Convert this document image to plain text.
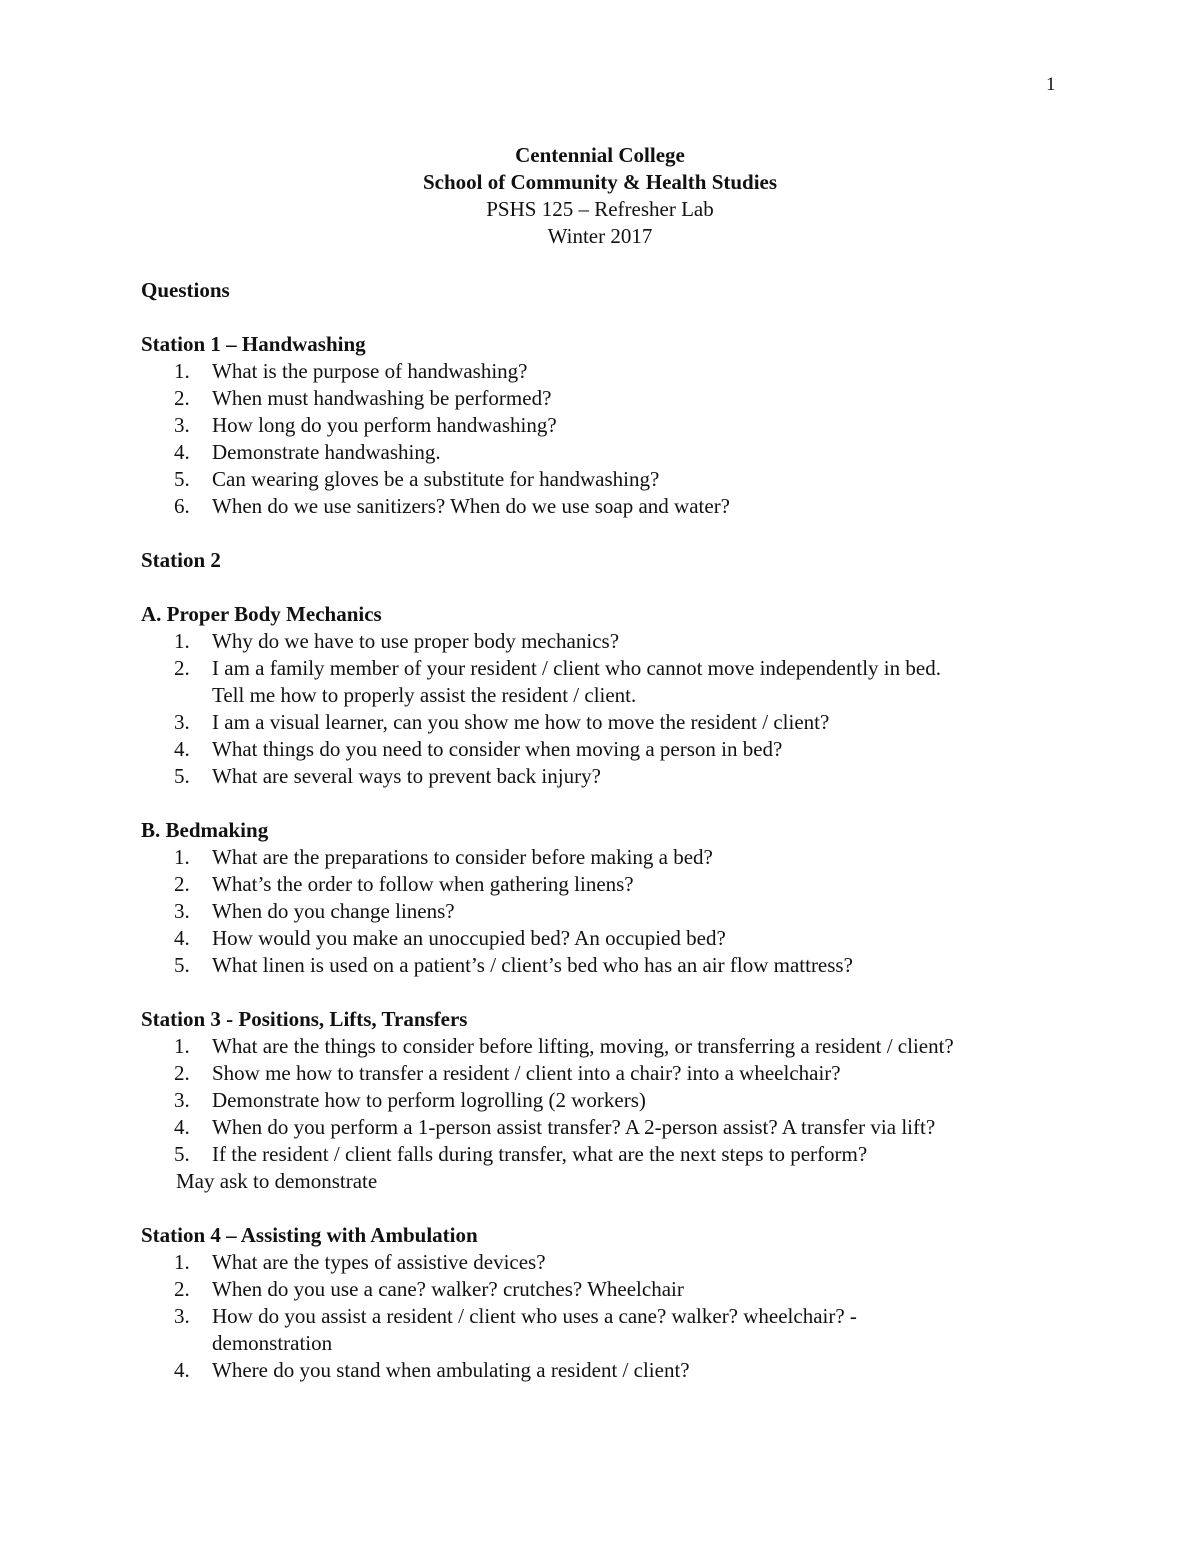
1
Centennial College
School of Community & Health Studies
PSHS 125 – Refresher Lab
Winter 2017
Questions
Station 1 – Handwashing
1. What is the purpose of handwashing?
2. When must handwashing be performed?
3. How long do you perform handwashing?
4. Demonstrate handwashing.
5. Can wearing gloves be a substitute for handwashing?
6. When do we use sanitizers? When do we use soap and water?
Station 2
A. Proper Body Mechanics
1. Why do we have to use proper body mechanics?
2. I am a family member of your resident / client who cannot move independently in bed.
Tell me how to properly assist the resident / client.
3. I am a visual learner, can you show me how to move the resident / client?
4. What things do you need to consider when moving a person in bed?
5. What are several ways to prevent back injury?
B. Bedmaking
1. What are the preparations to consider before making a bed?
2. What’s the order to follow when gathering linens?
3. When do you change linens?
4. How would you make an unoccupied bed? An occupied bed?
5. What linen is used on a patient’s / client’s bed who has an air flow mattress?
Station 3 - Positions, Lifts, Transfers
1. What are the things to consider before lifting, moving, or transferring a resident / client?
2. Show me how to transfer a resident / client into a chair? into a wheelchair?
3. Demonstrate how to perform logrolling (2 workers)
4. When do you perform a 1-person assist transfer? A 2-person assist? A transfer via lift?
5. If the resident / client falls during transfer, what are the next steps to perform?
May ask to demonstrate
Station 4 – Assisting with Ambulation
1. What are the types of assistive devices?
2. When do you use a cane? walker? crutches? Wheelchair
3. How do you assist a resident / client who uses a cane? walker? wheelchair? -
demonstration
4. Where do you stand when ambulating a resident / client?
